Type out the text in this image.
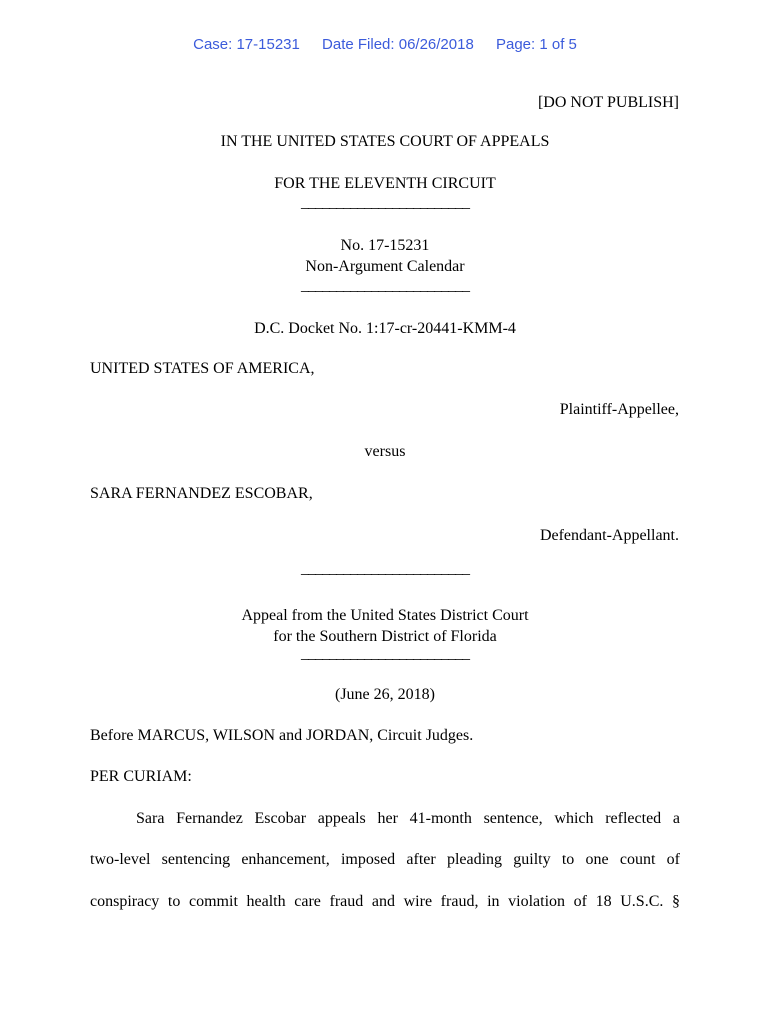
Case: 17-15231 Date Filed: 06/26/2018 Page: 1 of 5
[DO NOT PUBLISH]
IN THE UNITED STATES COURT OF APPEALS
FOR THE ELEVENTH CIRCUIT
________________________
No. 17-15231
Non-Argument Calendar
________________________
D.C. Docket No. 1:17-cr-20441-KMM-4
UNITED STATES OF AMERICA,
Plaintiff-Appellee,
versus
SARA FERNANDEZ ESCOBAR,
Defendant-Appellant.
________________________
Appeal from the United States District Court
for the Southern District of Florida
________________________
(June 26, 2018)
Before MARCUS, WILSON and JORDAN, Circuit Judges.
PER CURIAM:
Sara Fernandez Escobar appeals her 41-month sentence, which reflected a
two-level sentencing enhancement, imposed after pleading guilty to one count of
conspiracy to commit health care fraud and wire fraud, in violation of 18 U.S.C. §
